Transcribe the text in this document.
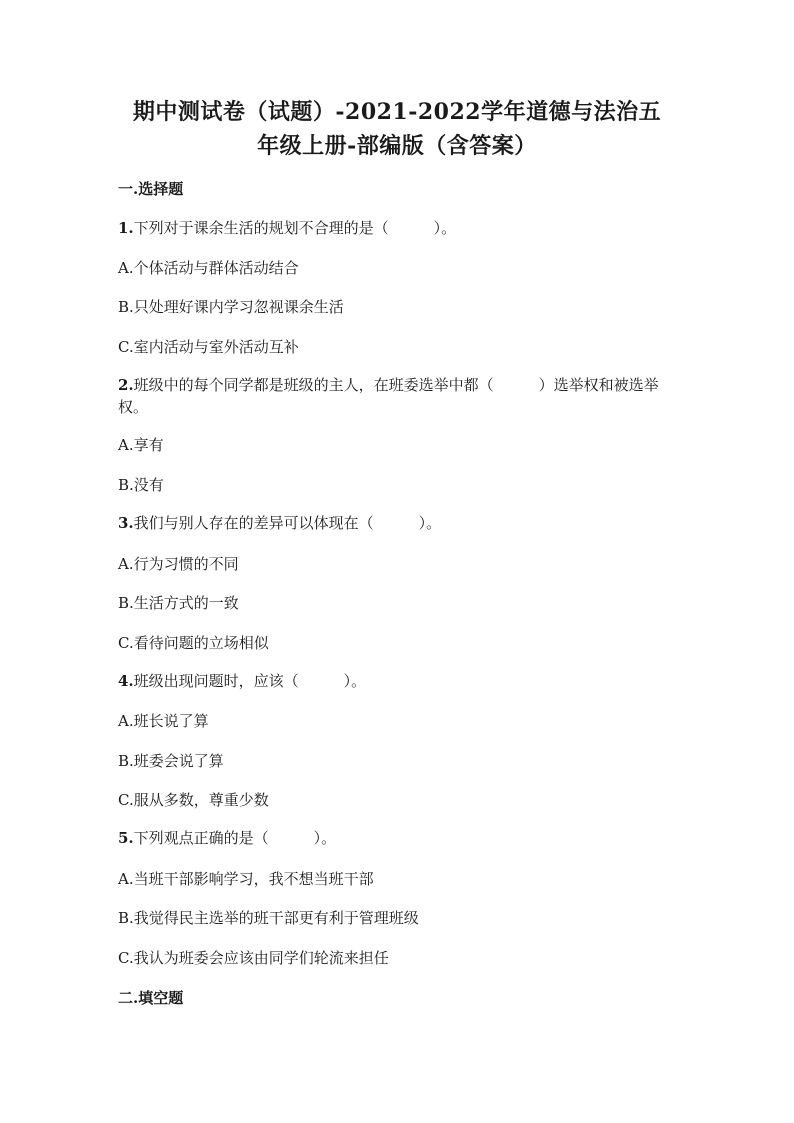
期中测试卷（试题）-2021-2022学年道德与法治五
年级上册-部编版（含答案）
一.选择题
1.下列对于课余生活的规划不合理的是（　　　）。
A.个体活动与群体活动结合
B.只处理好课内学习忽视课余生活
C.室内活动与室外活动互补
2.班级中的每个同学都是班级的主人，在班委选举中都（　　　）选举权和被选举权。
A.享有
B.没有
3.我们与别人存在的差异可以体现在（　　　）。
A.行为习惯的不同
B.生活方式的一致
C.看待问题的立场相似
4.班级出现问题时，应该（　　　）。
A.班长说了算
B.班委会说了算
C.服从多数，尊重少数
5.下列观点正确的是（　　　）。
A.当班干部影响学习，我不想当班干部
B.我觉得民主选举的班干部更有利于管理班级
C.我认为班委会应该由同学们轮流来担任
二.填空题
